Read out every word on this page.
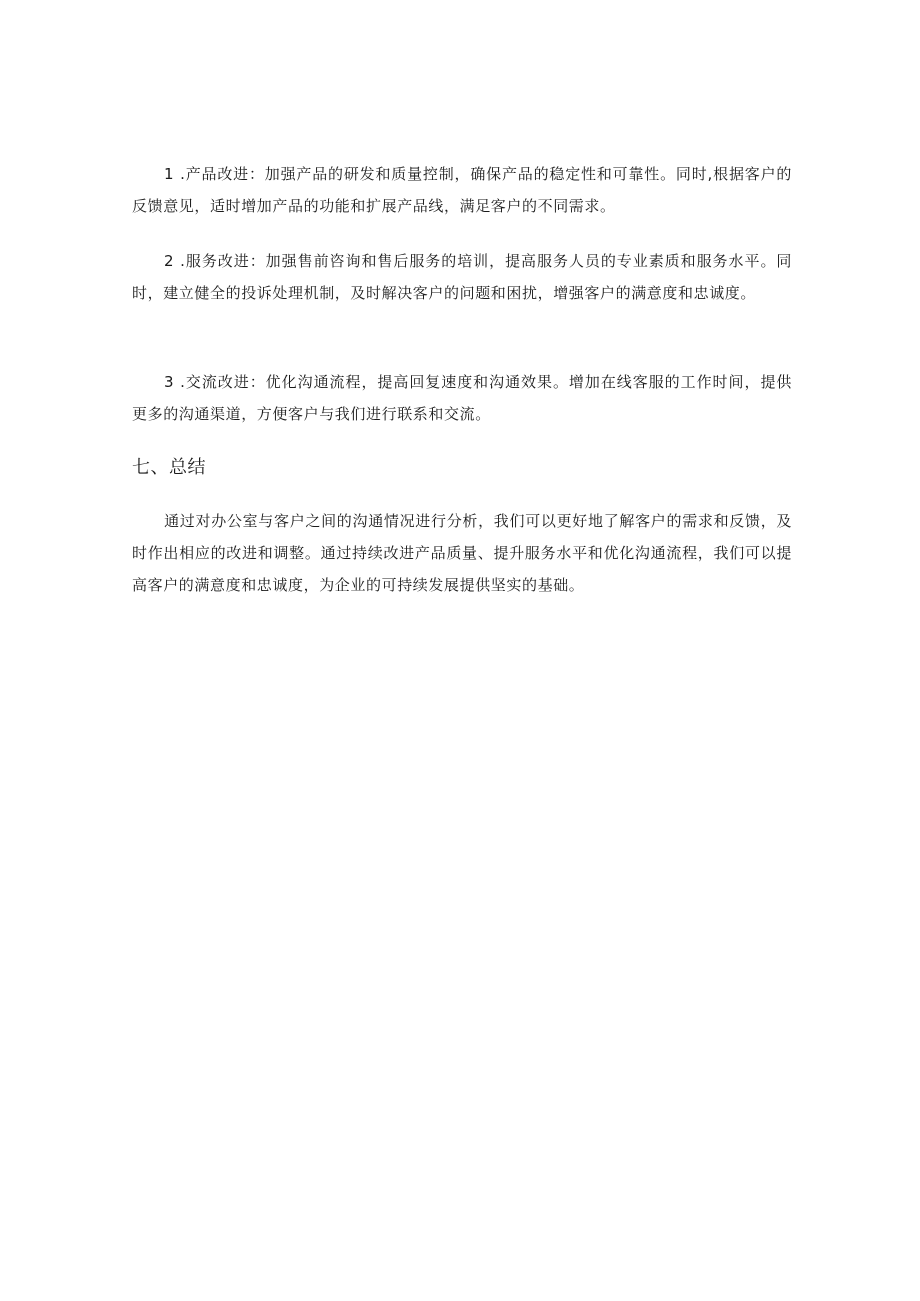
1 .产品改进：加强产品的研发和质量控制，确保产品的稳定性和可靠性。同时,根据客户的反馈意见，适时增加产品的功能和扩展产品线，满足客户的不同需求。

2 .服务改进：加强售前咨询和售后服务的培训，提高服务人员的专业素质和服务水平。同时，建立健全的投诉处理机制，及时解决客户的问题和困扰，增强客户的满意度和忠诚度。

3 .交流改进：优化沟通流程，提高回复速度和沟通效果。增加在线客服的工作时间，提供更多的沟通渠道，方便客户与我们进行联系和交流。

七、总结

通过对办公室与客户之间的沟通情况进行分析，我们可以更好地了解客户的需求和反馈，及时作出相应的改进和调整。通过持续改进产品质量、提升服务水平和优化沟通流程，我们可以提高客户的满意度和忠诚度，为企业的可持续发展提供坚实的基础。
